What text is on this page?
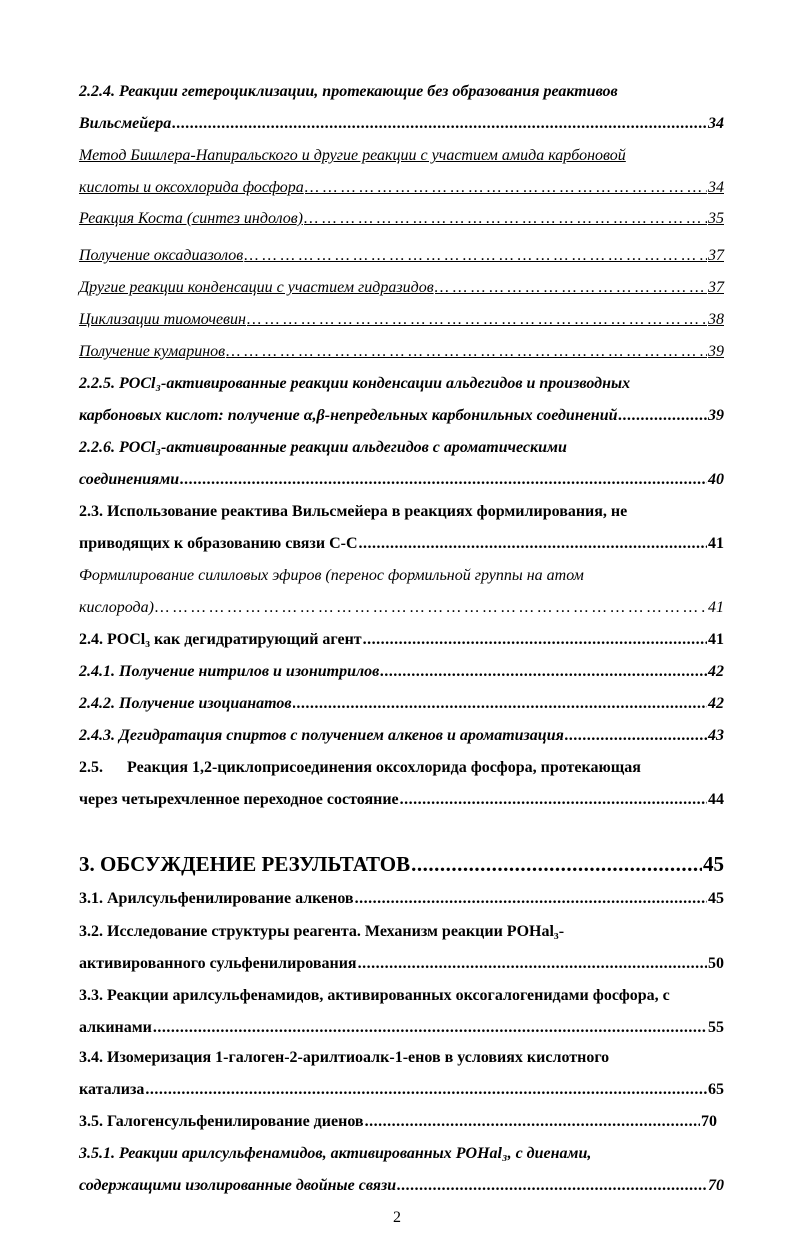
2.2.4. Реакции гетероциклизации, протекающие без образования реактивов
Вильсмейера .....	34
Метод Бишлера-Напиральского и другие реакции с участием амида карбоновой
кислоты и оксохлорида фосфора … … … … … … … … … … … … … … … … … … … … … … … … … … … … … … … … … … … … … … … … … … … … … … … … … … … … … … … … … … … … … … … … … … … … … … … … … … … …	34
Реакция Коста (синтез индолов) … … … … … … … … … … … … … … … … … … … … … … … … … … … … … … … … … … … … … … … … … … … … … … … … … … … … … … … … … … … … … … … … … … … … … … … … … … … …	35
Получение оксадиазолов … … … … … … … … … … … … … … … … … … … … … … … … … … … … … … … … … … … … … … … … … … … … … … … … … … … … … … … … … … … … … … … … … … … … … … … … … … … …	37
Другие реакции конденсации с участием гидразидов … … … … … … … … … … … … … … … … … … … … … … … … … … … … … … … … … … … … … … … … … … … … … … … … … … … … … … … … … … … … … … … … … … … … … … … … … … … …	37
Циклизации тиомочевин … … … … … … … … … … … … … … … … … … … … … … … … … … … … … … … … … … … … … … … … … … … … … … … … … … … … … … … … … … … … … … … … … … … … … … … … … … … …	38
Получение кумаринов … … … … … … … … … … … … … … … … … … … … … … … … … … … … … … … … … … … … … … … … … … … … … … … … … … … … … … … … … … … … … … … … … … … … … … … … … … … …	39
2.2.5. POCl₃-активированные реакции конденсации альдегидов и производных
карбоновых кислот: получение α,β-непредельных карбонильных соединений .....	39
2.2.6. POCl₃-активированные реакции альдегидов с ароматическими
соединениями .....	40
2.3. Использование реактива Вильсмейера в реакциях формилирования, не
приводящих к образованию связи С-С .....	41
Формилирование силиловых эфиров (перенос формильной группы на атом
кислорода) … … … … … … … … … … … … … … … … … … … … … … … … … … … … … … … … … … … … … … … … … … … … … … … … … … … … … … … … … … … … … … … … … … … … … … … … … … … …	41
2.4. POCl₃ как дегидратирующий агент .....	41
2.4.1. Получение нитрилов и изонитрилов .....	42
2.4.2. Получение изоцианатов .....	42
2.4.3. Дегидратация спиртов с получением алкенов и ароматизация .....	43
2.5.      Реакция 1,2-циклоприсоединения оксохлорида фосфора, протекающая
через четырехчленное переходное состояние .....	44
3. ОБСУЖДЕНИЕ РЕЗУЛЬТАТОВ .....	45
3.1. Арилсульфенилирование алкенов .....	45
3.2. Исследование структуры реагента. Механизм реакции POHal₃-
активированного сульфенилирования .....	50
3.3. Реакции арилсульфенамидов, активированных оксогалогенидами фосфора, с
алкинами .....	55
3.4. Изомеризация 1-галоген-2-арилтиоалк-1-енов в условиях кислотного
катализа .....	65
3.5. Галогенсульфенилирование диенов .....	70
3.5.1. Реакции арилсульфенамидов, активированных POHal₃, с диенами,
содержащими изолированные двойные связи .....	70
2
